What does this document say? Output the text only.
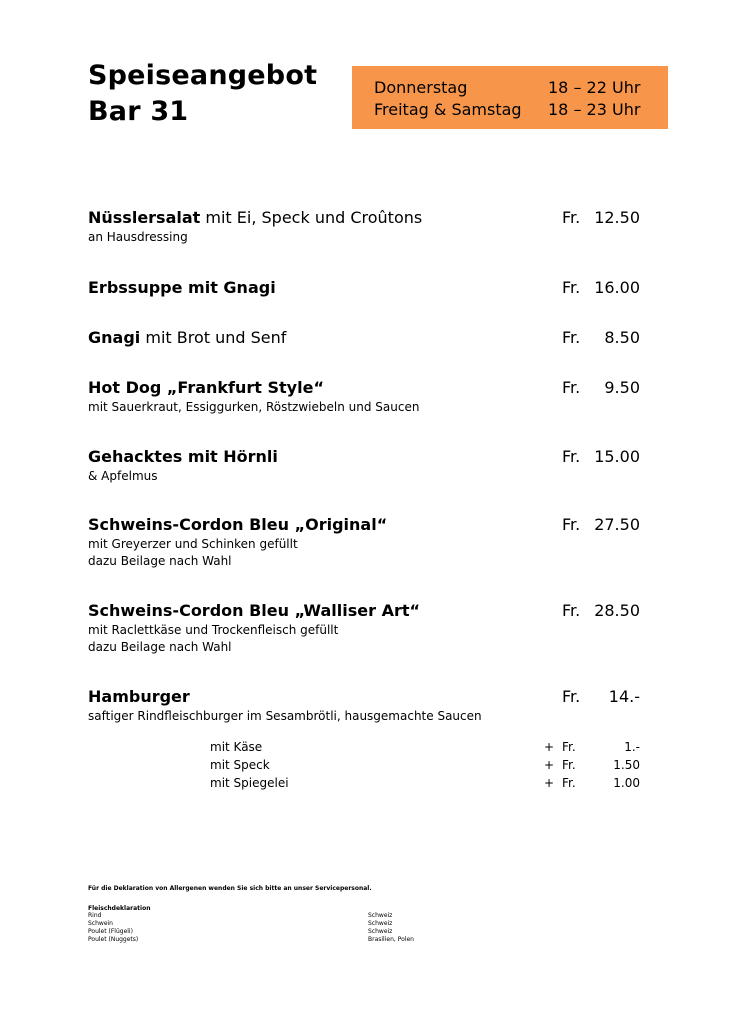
Speiseangebot
Bar 31
Donnerstag	18 – 22 Uhr
Freitag & Samstag 18 – 23 Uhr
Nüsslersalat mit Ei, Speck und Croûtons
an Hausdressing
Fr. 12.50
Erbssuppe mit Gnagi	Fr. 16.00
Gnagi mit Brot und Senf	Fr. 8.50
Hot Dog „Frankfurt Style“
mit Sauerkraut, Essiggurken, Röstzwiebeln und Saucen
Fr. 9.50
Gehacktes mit Hörnli
& Apfelmus
Fr. 15.00
Schweins-Cordon Bleu „Original“
mit Greyerzer und Schinken gefüllt
dazu Beilage nach Wahl
Fr. 27.50
Schweins-Cordon Bleu „Walliser Art“
mit Raclettkäse und Trockenfleisch gefüllt
dazu Beilage nach Wahl
Fr. 28.50
Hamburger
saftiger Rindfleischburger im Sesambrötli, hausgemachte Saucen
Fr. 14.-
mit Käse	+ Fr.	1.-
mit Speck	+ Fr.	1.50
mit Spiegelei	+ Fr.	1.00
Für die Deklaration von Allergenen wenden Sie sich bitte an unser Servicepersonal.
Fleischdeklaration
Rind	Schweiz
Schwein	Schweiz
Poulet (Flügeli)	Schweiz
Poulet (Nuggets)	Brasilien, Polen
